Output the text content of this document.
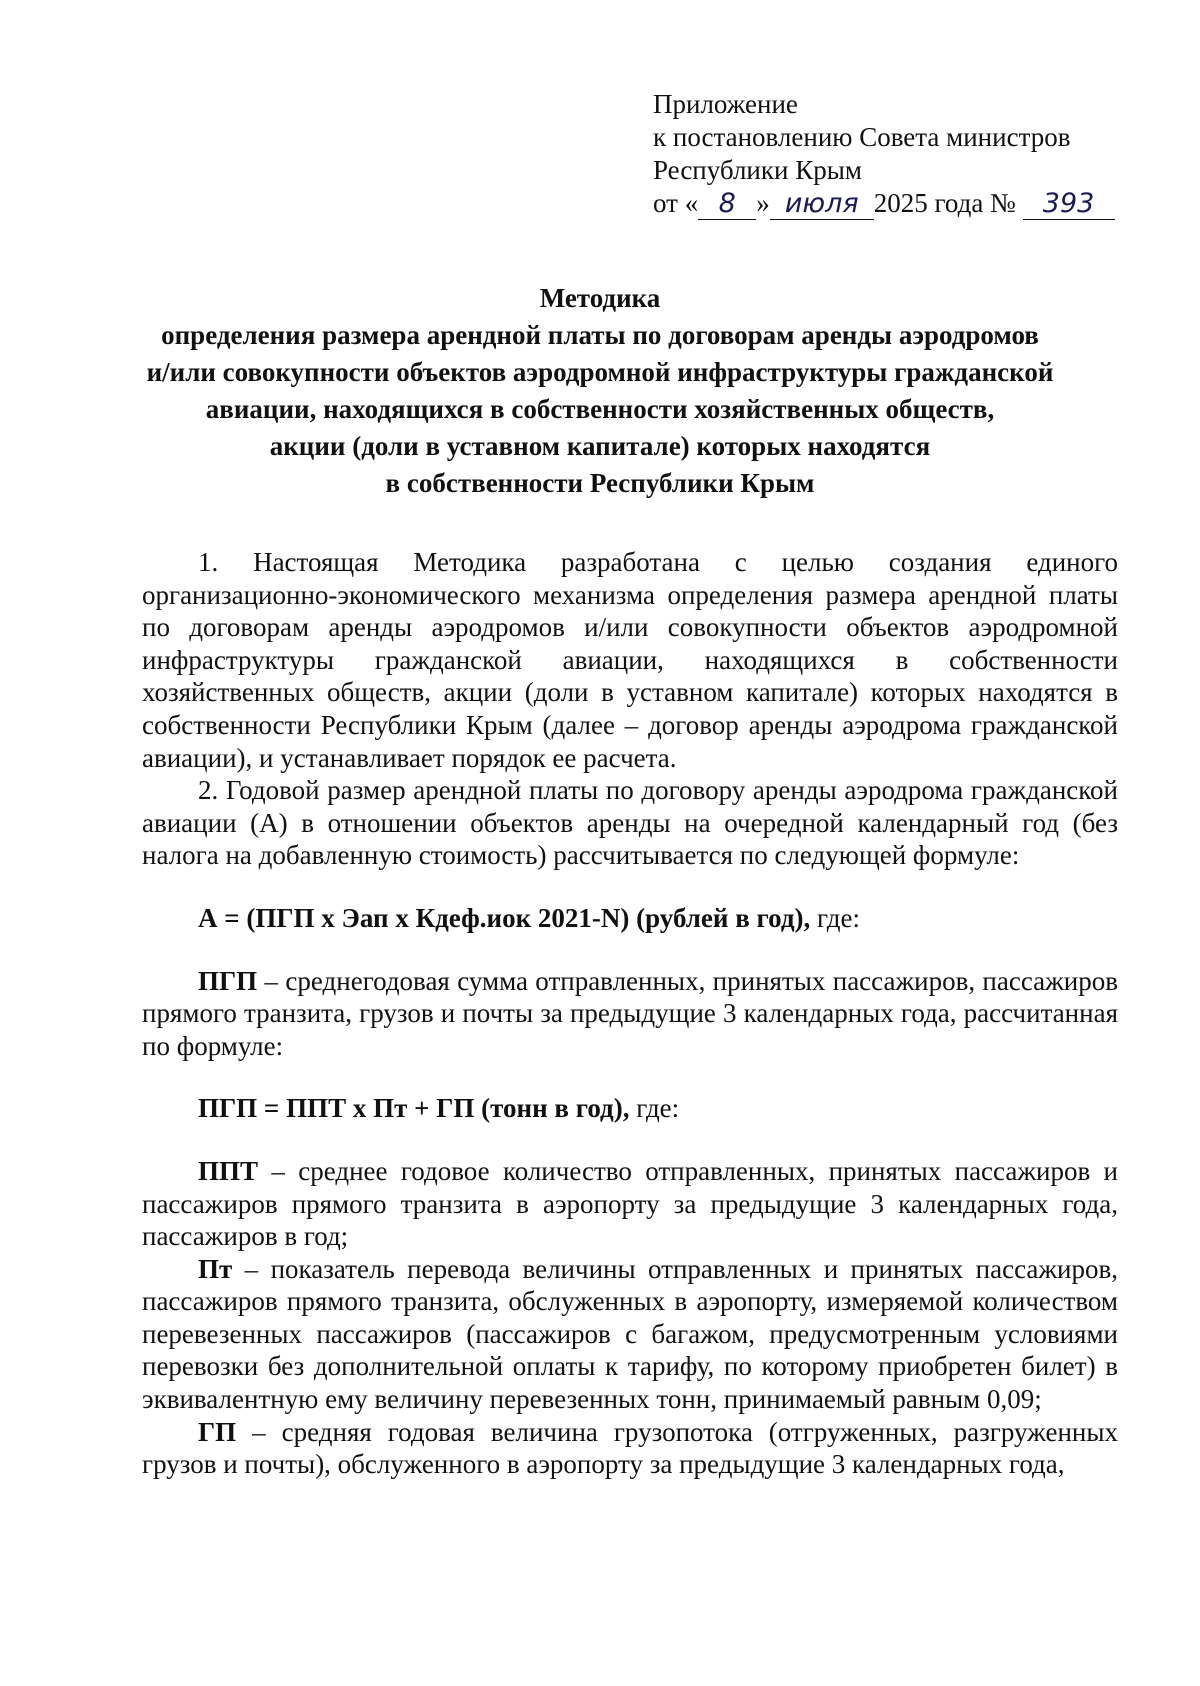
Приложение
к постановлению Совета министров
Республики Крым
от « 8 » июля 2025 года № 393
Методика
определения размера арендной платы по договорам аренды аэродромов
и/или совокупности объектов аэродромной инфраструктуры гражданской
авиации, находящихся в собственности хозяйственных обществ,
акции (доли в уставном капитале) которых находятся
в собственности Республики Крым

1. Настоящая Методика разработана с целью создания единого организационно-экономического механизма определения размера арендной платы по договорам аренды аэродромов и/или совокупности объектов аэродромной инфраструктуры гражданской авиации, находящихся в собственности хозяйственных обществ, акции (доли в уставном капитале) которых находятся в собственности Республики Крым (далее – договор аренды аэродрома гражданской авиации), и устанавливает порядок ее расчета.

2. Годовой размер арендной платы по договору аренды аэродрома гражданской авиации (А) в отношении объектов аренды на очередной календарный год (без налога на добавленную стоимость) рассчитывается по следующей формуле:

А = (ПГП х Эап х Кдеф.иок 2021-N) (рублей в год), где:

ПГП – среднегодовая сумма отправленных, принятых пассажиров, пассажиров прямого транзита, грузов и почты за предыдущие 3 календарных года, рассчитанная по формуле:

ПГП = ППТ х Пт + ГП (тонн в год), где:

ППТ – среднее годовое количество отправленных, принятых пассажиров и пассажиров прямого транзита в аэропорту за предыдущие 3 календарных года, пассажиров в год;

Пт – показатель перевода величины отправленных и принятых пассажиров, пассажиров прямого транзита, обслуженных в аэропорту, измеряемой количеством перевезенных пассажиров (пассажиров с багажом, предусмотренным условиями перевозки без дополнительной оплаты к тарифу, по которому приобретен билет) в эквивалентную ему величину перевезенных тонн, принимаемый равным 0,09;

ГП – средняя годовая величина грузопотока (отгруженных, разгруженных грузов и почты), обслуженного в аэропорту за предыдущие 3 календарных года,
